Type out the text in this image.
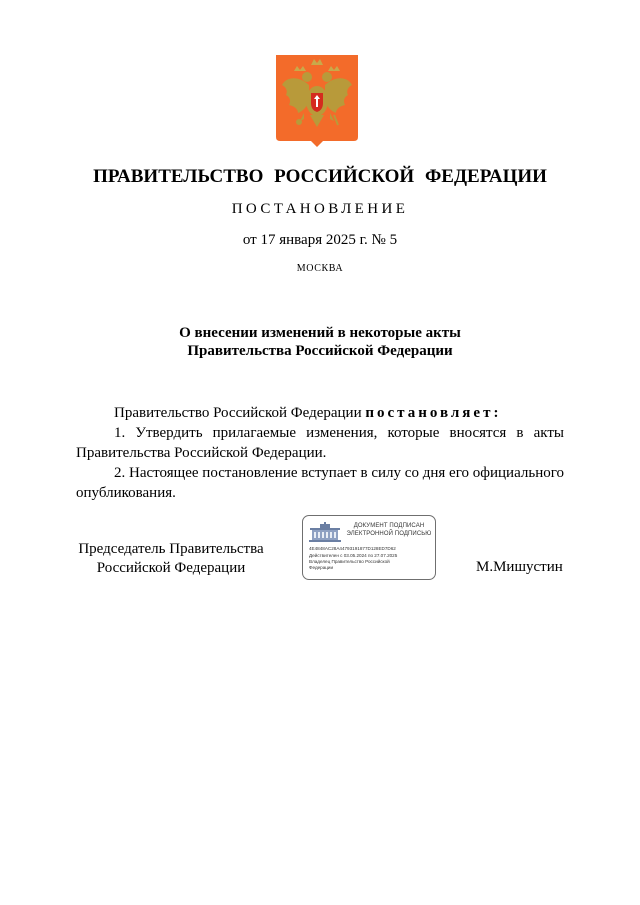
ПРАВИТЕЛЬСТВО РОССИЙСКОЙ ФЕДЕРАЦИИ
ПОСТАНОВЛЕНИЕ
от 17 января 2025 г. № 5
МОСКВА
О внесении изменений в некоторые акты
Правительства Российской Федерации

Правительство Российской Федерации постановляет:

1. Утвердить прилагаемые изменения, которые вносятся в акты Правительства Российской Федерации.

2. Настоящее постановление вступает в силу со дня его официального опубликования.

Председатель Правительства
Российской Федерации
ДОКУМЕНТ ПОДПИСАН
ЭЛЕКТРОННОЙ ПОДПИСЬЮ
4E4848AC28A44793191877D128ED7D62
Действителен с 03.05.2024 по 27.07.2025
Владелец Правительство Российской
Федерации	М.Мишустин
